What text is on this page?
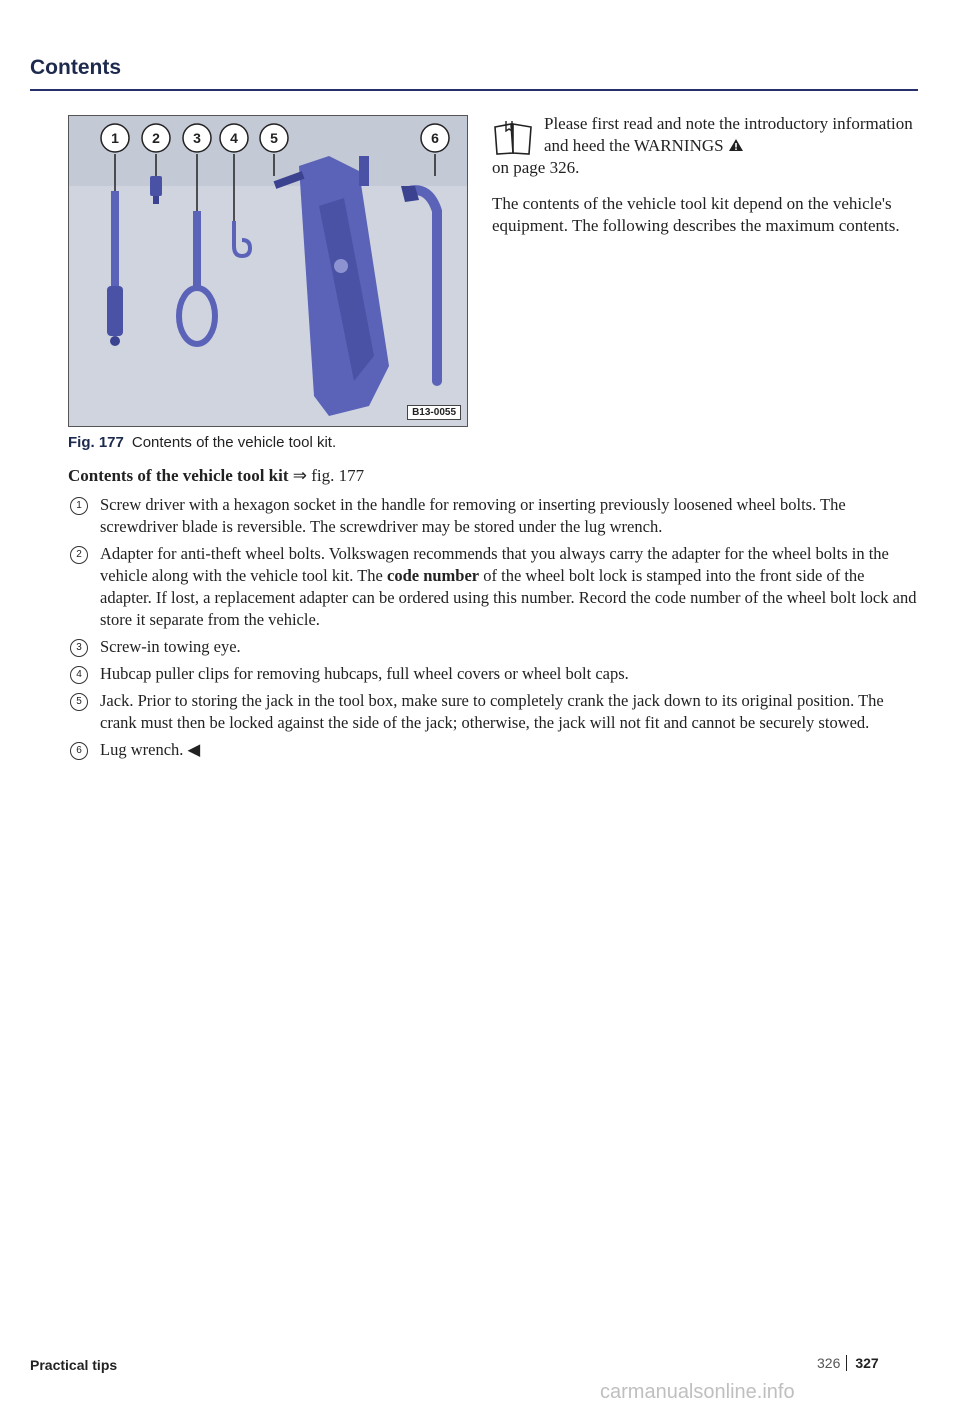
Contents
1 2 3 4 5	6
B13-0055
Fig. 177 Contents of the vehicle tool kit.

Please first read and note the introductory information and heed the WARNINGS
on page 326.

The contents of the vehicle tool kit depend on the vehicle's equipment. The following describes the maximum contents.

Contents of the vehicle tool kit ⇒ fig. 177
1	Screw driver with a hexagon socket in the handle for removing or inserting previously loosened wheel bolts. The screwdriver blade is reversible. The screwdriver may be stored under the lug wrench.
2	Adapter for anti-theft wheel bolts. Volkswagen recommends that you always carry the adapter for the wheel bolts in the vehicle along with the vehicle tool kit. The code number of the wheel bolt lock is stamped into the front side of the adapter. If lost, a replacement adapter can be ordered using this number. Record the code number of the wheel bolt lock and store it separate from the vehicle.
3	Screw-in towing eye.
4	Hubcap puller clips for removing hubcaps, full wheel covers or wheel bolt caps.
5	Jack. Prior to storing the jack in the tool box, make sure to completely crank the jack down to its original position. The crank must then be locked against the side of the jack; otherwise, the jack will not fit and cannot be securely stowed.
6	Lug wrench. ◀
Practical tips	326 327
carmanualsonline.info
